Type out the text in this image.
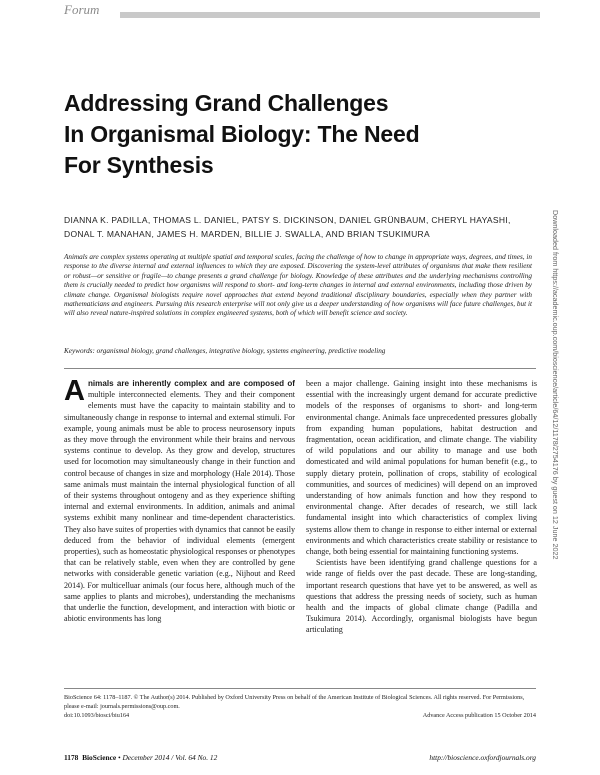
Forum
Addressing Grand Challenges
In Organismal Biology: The Need
For Synthesis
DIANNA K. PADILLA, THOMAS L. DANIEL, PATSY S. DICKINSON, DANIEL GRÜNBAUM, CHERYL HAYASHI,
DONAL T. MANAHAN, JAMES H. MARDEN, BILLIE J. SWALLA, AND BRIAN TSUKIMURA
Animals are complex systems operating at multiple spatial and temporal scales, facing the challenge of how to change in appropriate ways, degrees, and times, in response to the diverse internal and external influences to which they are exposed. Discovering the system-level attributes of organisms that make them resilient or robust—or sensitive or fragile—to change presents a grand challenge for biology. Knowledge of these attributes and the underlying mechanisms controlling them is crucially needed to predict how organisms will respond to short- and long-term changes in internal and external environments, including those driven by climate change. Organismal biologists require novel approaches that extend beyond traditional disciplinary boundaries, especially when they partner with mathematicians and engineers. Pursuing this research enterprise will not only give us a deeper understanding of how organisms will face future challenges, but it will also reveal nature-inspired solutions in complex engineered systems, both of which will benefit science and society.
Keywords: organismal biology, grand challenges, integrative biology, systems engineering, predictive modeling

Animals are inherently complex and are composed of multiple interconnected elements. They and their component elements must have the capacity to maintain stability and to simultaneously change in response to internal and external stimuli. For example, young animals must be able to process neurosensory inputs as they move through the environment while their brains and nervous systems continue to develop. As they grow and develop, structures used for locomotion may simultaneously change in their function and control because of changes in size and morphology (Hale 2014). Those same animals must maintain the internal physiological function of all of their systems throughout ontogeny and as they experience shifting internal and external environments. In addition, animals and animal systems exhibit many nonlinear and time-dependent characteristics. They also have suites of properties with dynamics that cannot be easily deduced from the behavior of individual elements (emergent properties), such as homeostatic physiological responses or phenotypes that can be relatively stable, even when they are controlled by gene networks with considerable genetic variation (e.g., Nijhout and Reed 2014). For multicelluar animals (our focus here, although much of the same applies to plants and microbes), understanding the mechanisms that underlie the function, development, and interaction with biotic or abiotic environments has long

been a major challenge. Gaining insight into these mechanisms is essential with the increasingly urgent demand for accurate predictive models of the responses of organisms to short- and long-term environmental change. Animals face unprecedented pressures globally from expanding human populations, habitat destruction and fragmentation, ocean acidification, and climate change. The viability of wild populations and our ability to manage and use both domesticated and wild animal populations for human benefit (e.g., to supply dietary protein, pollination of crops, stability of ecological communities, and sources of medicines) will depend on an improved understanding of how animals function and how they respond to environmental change. After decades of research, we still lack fundamental insight into which characteristics of complex living systems allow them to change in response to either internal or external environments and which characteristics create stability or resistance to change, both being essential for maintaining functioning systems.

Scientists have been identifying grand challenge questions for a wide range of fields over the past decade. These are long-standing, important research questions that have yet to be answered, as well as questions that address the pressing needs of society, such as human health and the impacts of global climate change (Padilla and Tsukimura 2014). Accordingly, organismal biologists have begun articulating

BioScience 64: 1178–1187. © The Author(s) 2014. Published by Oxford University Press on behalf of the American Institute of Biological Sciences. All rights reserved. For Permissions, please e-mail: journals.permissions@oup.com.
doi:10.1093/biosci/biu164	Advance Access publication 15 October 2014
1178 BioScience • December 2014 / Vol. 64 No. 12	http://bioscience.oxfordjournals.org
Downloaded from https://academic.oup.com/bioscience/article/64/12/1178/2754176 by guest on 12 June 2022
